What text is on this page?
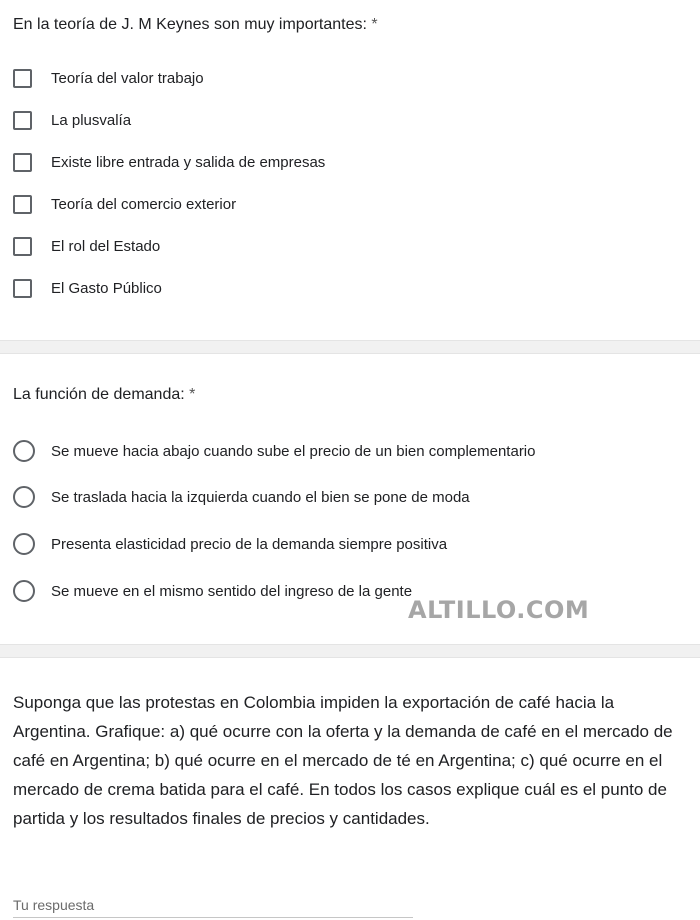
En la teoría de J. M Keynes son muy importantes: *
Teoría del valor trabajo
La plusvalía
Existe libre entrada y salida de empresas
Teoría del comercio exterior
El rol del Estado
El Gasto Público
La función de demanda: *
Se mueve hacia abajo cuando sube el precio de un bien complementario
Se traslada hacia la izquierda cuando el bien se pone de moda
Presenta elasticidad precio de la demanda siempre positiva
Se mueve en el mismo sentido del ingreso de la gente
ALTILLO.COM
Suponga que las protestas en Colombia impiden la exportación de café hacia la Argentina. Grafique: a) qué ocurre con la oferta y la demanda de café en el mercado de café en Argentina; b) qué ocurre en el mercado de té en Argentina; c) qué ocurre en el mercado de crema batida para el café. En todos los casos explique cuál es el punto de partida y los resultados finales de precios y cantidades.
Tu respuesta
